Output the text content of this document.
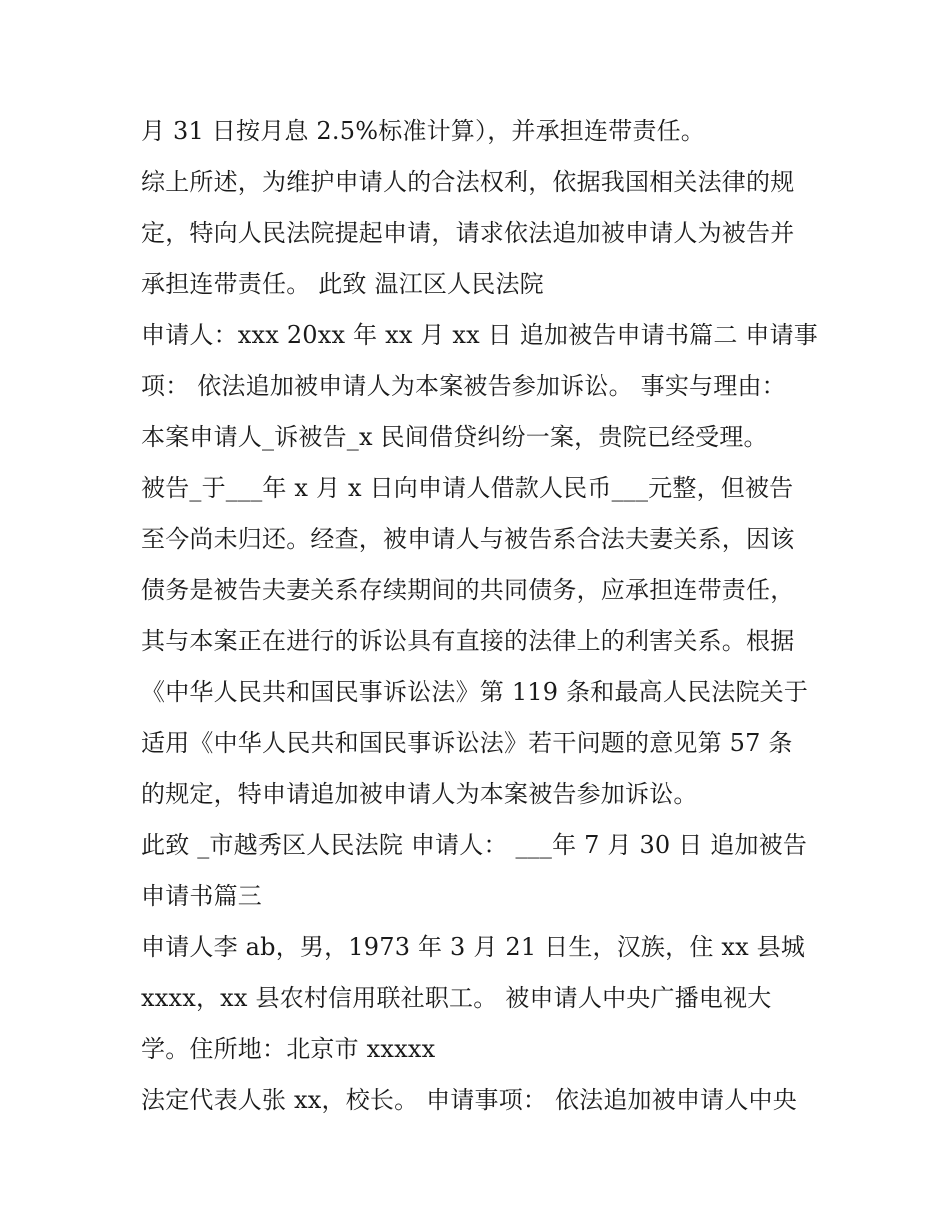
月 31 日按月息 2.5%标准计算），并承担连带责任。
综上所述，为维护申请人的合法权利，依据我国相关法律的规
定，特向人民法院提起申请，请求依法追加被申请人为被告并
承担连带责任。 此致 温江区人民法院
申请人：xxx 20xx 年 xx 月 xx 日 追加被告申请书篇二 申请事
项： 依法追加被申请人为本案被告参加诉讼。 事实与理由：
本案申请人_诉被告_x 民间借贷纠纷一案，贵院已经受理。
被告_于___年 x 月 x 日向申请人借款人民币___元整，但被告
至今尚未归还。经查，被申请人与被告系合法夫妻关系，因该
债务是被告夫妻关系存续期间的共同债务，应承担连带责任，
其与本案正在进行的诉讼具有直接的法律上的利害关系。根据
《中华人民共和国民事诉讼法》第 119 条和最高人民法院关于
适用《中华人民共和国民事诉讼法》若干问题的意见第 57 条
的规定，特申请追加被申请人为本案被告参加诉讼。
此致 _市越秀区人民法院 申请人： ___年 7 月 30 日 追加被告
申请书篇三
申请人李 ab，男，1973 年 3 月 21 日生，汉族，住 xx 县城
xxxx，xx 县农村信用联社职工。 被申请人中央广播电视大
学。住所地：北京市 xxxxx
法定代表人张 xx，校长。 申请事项： 依法追加被申请人中央
